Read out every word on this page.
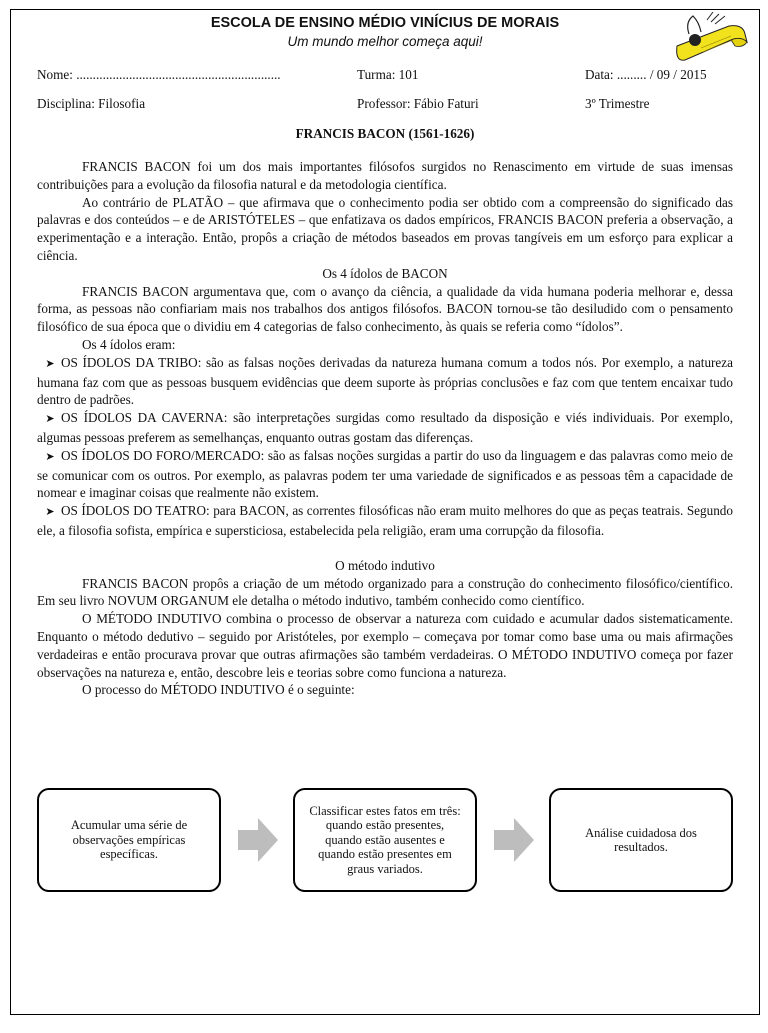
ESCOLA DE ENSINO MÉDIO VINÍCIUS DE MORAIS
Um mundo melhor começa aqui!
Nome: ..............................................................	Turma: 101	Data: ......... / 09 / 2015
Disciplina: Filosofia	Professor: Fábio Faturi	3º Trimestre
FRANCIS BACON (1561-1626)

FRANCIS BACON foi um dos mais importantes filósofos surgidos no Renascimento em virtude de suas imensas contribuições para a evolução da filosofia natural e da metodologia científica.

Ao contrário de PLATÃO – que afirmava que o conhecimento podia ser obtido com a compreensão do significado das palavras e dos conteúdos – e de ARISTÓTELES – que enfatizava os dados empíricos, FRANCIS BACON preferia a observação, a experimentação e a interação. Então, propôs a criação de métodos baseados em provas tangíveis em um esforço para explicar a ciência.

Os 4 ídolos de BACON

FRANCIS BACON argumentava que, com o avanço da ciência, a qualidade da vida humana poderia melhorar e, dessa forma, as pessoas não confiariam mais nos trabalhos dos antigos filósofos. BACON tornou-se tão desiludido com o pensamento filosófico de sua época que o dividiu em 4 categorias de falso conhecimento, às quais se referia como “ídolos”.

Os 4 ídolos eram:

➤ OS ÍDOLOS DA TRIBO: são as falsas noções derivadas da natureza humana comum a todos nós. Por exemplo, a natureza humana faz com que as pessoas busquem evidências que deem suporte às próprias conclusões e faz com que tentem encaixar tudo dentro de padrões.

➤ OS ÍDOLOS DA CAVERNA: são interpretações surgidas como resultado da disposição e viés individuais. Por exemplo, algumas pessoas preferem as semelhanças, enquanto outras gostam das diferenças.

➤ OS ÍDOLOS DO FORO/MERCADO: são as falsas noções surgidas a partir do uso da linguagem e das palavras como meio de se comunicar com os outros. Por exemplo, as palavras podem ter uma variedade de significados e as pessoas têm a capacidade de nomear e imaginar coisas que realmente não existem.

➤ OS ÍDOLOS DO TEATRO: para BACON, as correntes filosóficas não eram muito melhores do que as peças teatrais. Segundo ele, a filosofia sofista, empírica e supersticiosa, estabelecida pela religião, eram uma corrupção da filosofia.

O método indutivo

FRANCIS BACON propôs a criação de um método organizado para a construção do conhecimento filosófico/científico. Em seu livro NOVUM ORGANUM ele detalha o método indutivo, também conhecido como científico.

O MÉTODO INDUTIVO combina o processo de observar a natureza com cuidado e acumular dados sistematicamente. Enquanto o método dedutivo – seguido por Aristóteles, por exemplo – começava por tomar como base uma ou mais afirmações verdadeiras e então procurava provar que outras afirmações são também verdadeiras. O MÉTODO INDUTIVO começa por fazer observações na natureza e, então, descobre leis e teorias sobre como funciona a natureza.

O processo do MÉTODO INDUTIVO é o seguinte:

Acumular uma série de observações empíricas específicas.
Classificar estes fatos em três: quando estão presentes, quando estão ausentes e quando estão presentes em graus variados.
Análise cuidadosa dos resultados.
